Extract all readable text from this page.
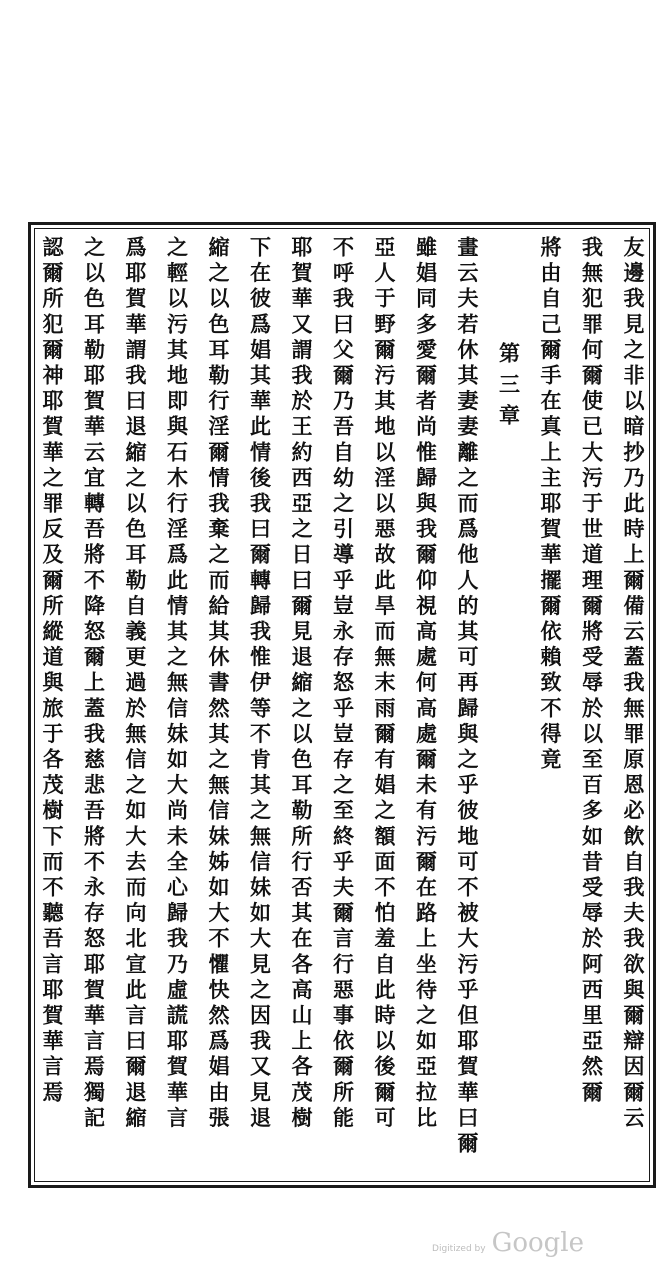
友邊我見之非以暗抄乃此時上爾備云蓋我無罪原恩必飲自我夫我欲與爾辯因爾云
我無犯罪何爾使已大污于世道理爾將受辱於以至百多如昔受辱於阿西里亞然爾
將由自己爾手在真上主耶賀華擺爾依賴致不得竟
第三章
畫云夫若休其妻妻離之而爲他人的其可再歸與之乎彼地可不被大污乎但耶賀華曰爾
雖娼同多愛爾者尚惟歸與我爾仰視高處何高處爾未有污爾在路上坐待之如亞拉比
亞人于野爾污其地以淫以惡故此旱而無末雨爾有娼之額面不怕羞自此時以後爾可
不呼我曰父爾乃吾自幼之引導乎豈永存怒乎豈存之至終乎夫爾言行惡事依爾所能
耶賀華又謂我於王約西亞之日曰爾見退縮之以色耳勒所行否其在各高山上各茂樹
下在彼爲娼其華此情後我曰爾轉歸我惟伊等不肯其之無信妹如大見之因我又見退
縮之以色耳勒行淫爾情我棄之而給其休書然其之無信妹姊如大不懼快然爲娼由張
之輕以污其地即與石木行淫爲此情其之無信妹如大尚未全心歸我乃虛謊耶賀華言
爲耶賀華謂我曰退縮之以色耳勒自義更過於無信之如大去而向北宣此言曰爾退縮
之以色耳勒耶賀華云宜轉吾將不降怒爾上蓋我慈悲吾將不永存怒耶賀華言焉獨記
認爾所犯爾神耶賀華之罪反及爾所縱道與旅于各茂樹下而不聽吾言耶賀華言焉
Digitized by Google
